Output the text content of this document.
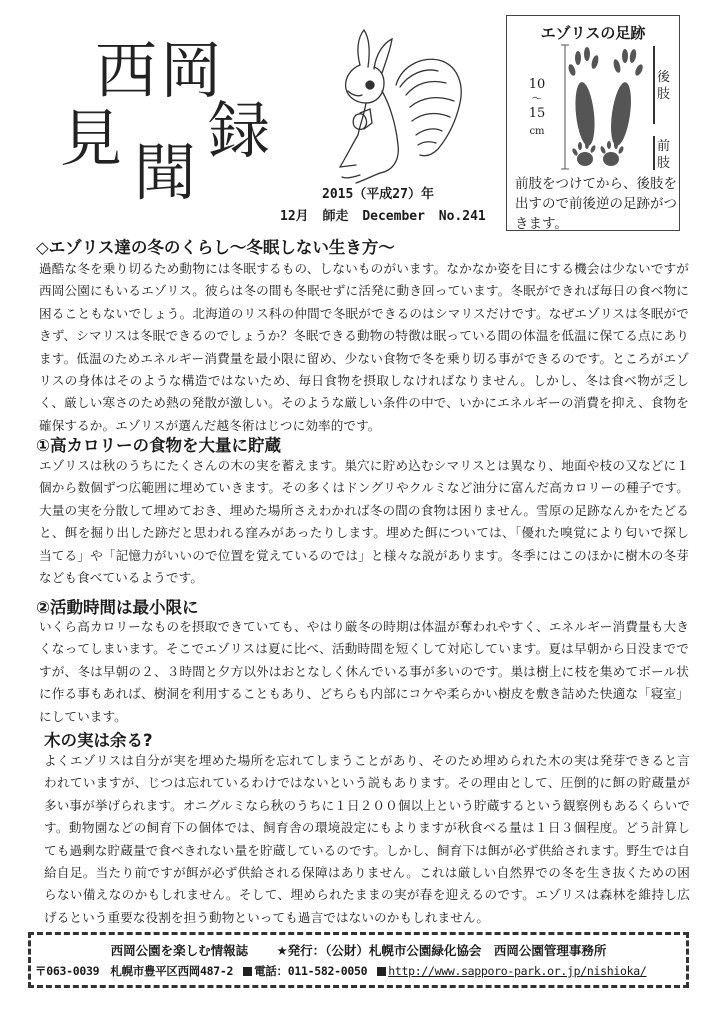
西 岡
見 聞
録
2015（平成27）年
12月 師走 December No.241
エゾリスの足跡
10
～
15
cm
後肢
前肢
前肢をつけてから、後肢を出すので前後逆の足跡がつきます。
◇エゾリス達の冬のくらし～冬眠しない生き方～
過酷な冬を乗り切るため動物には冬眠するもの、しないものがいます。なかなか姿を目にする機会は少ないですが西岡公園にもいるエゾリス。彼らは冬の間も冬眠せずに活発に動き回っています。冬眠ができれば毎日の食べ物に困ることもないでしょう。北海道のリス科の仲間で冬眠ができるのはシマリスだけです。なぜエゾリスは冬眠ができず、シマリスは冬眠できるのでしょうか？冬眠できる動物の特徴は眠っている間の体温を低温に保てる点にあります。低温のためエネルギー消費量を最小限に留め、少ない食物で冬を乗り切る事ができるのです。ところがエゾリスの身体はそのような構造ではないため、毎日食物を摂取しなければなりません。しかし、冬は食べ物が乏しく、厳しい寒さのため熱の発散が激しい。そのような厳しい条件の中で、いかにエネルギーの消費を抑え、食物を確保するか。エゾリスが選んだ越冬術はじつに効率的です。
①高カロリーの食物を大量に貯蔵
エゾリスは秋のうちにたくさんの木の実を蓄えます。巣穴に貯め込むシマリスとは異なり、地面や枝の又などに１個から数個ずつ広範囲に埋めていきます。その多くはドングリやクルミなど油分に富んだ高カロリーの種子です。大量の実を分散して埋めておき、埋めた場所さえわかれば冬の間の食物は困りません。雪原の足跡なんかをたどると、餌を掘り出した跡だと思われる窪みがあったりします。埋めた餌については、「優れた嗅覚により匂いで探し当てる」や「記憶力がいいので位置を覚えているのでは」と様々な説があります。冬季にはこのほかに樹木の冬芽なども食べているようです。
②活動時間は最小限に
いくら高カロリーなものを摂取できていても、やはり厳冬の時期は体温が奪われやすく、エネルギー消費量も大きくなってしまいます。そこでエゾリスは夏に比べ、活動時間を短くして対応しています。夏は早朝から日没までですが、冬は早朝の２、３時間と夕方以外はおとなしく休んでいる事が多いのです。巣は樹上に枝を集めてボール状に作る事もあれば、樹洞を利用することもあり、どちらも内部にコケや柔らかい樹皮を敷き詰めた快適な「寝室」にしています。
木の実は余る?
よくエゾリスは自分が実を埋めた場所を忘れてしまうことがあり、そのため埋められた木の実は発芽できると言われていますが、じつは忘れているわけではないという説もあります。その理由として、圧倒的に餌の貯蔵量が多い事が挙げられます。オニグルミなら秋のうちに１日２００個以上という貯蔵するという観察例もあるくらいです。動物園などの飼育下の個体では、飼育舎の環境設定にもよりますが秋食べる量は１日３個程度。どう計算しても過剰な貯蔵量で食べきれない量を貯蔵しているのです。しかし、飼育下は餌が必ず供給されます。野生では自給自足。当たり前ですが餌が必ず供給される保障はありません。これは厳しい自然界での冬を生き抜くための困らない備えなのかもしれません。そして、埋められたままの実が春を迎えるのです。エゾリスは森林を維持し広げるという重要な役割を担う動物といっても過言ではないのかもしれません。
西岡公園を楽しむ情報誌 ★発行：（公財）札幌市公園緑化協会　西岡公園管理事務所
〒063-0039　札幌市豊平区西岡487-2 電話：011-582-0050 http://www.sapporo-park.or.jp/nishioka/
